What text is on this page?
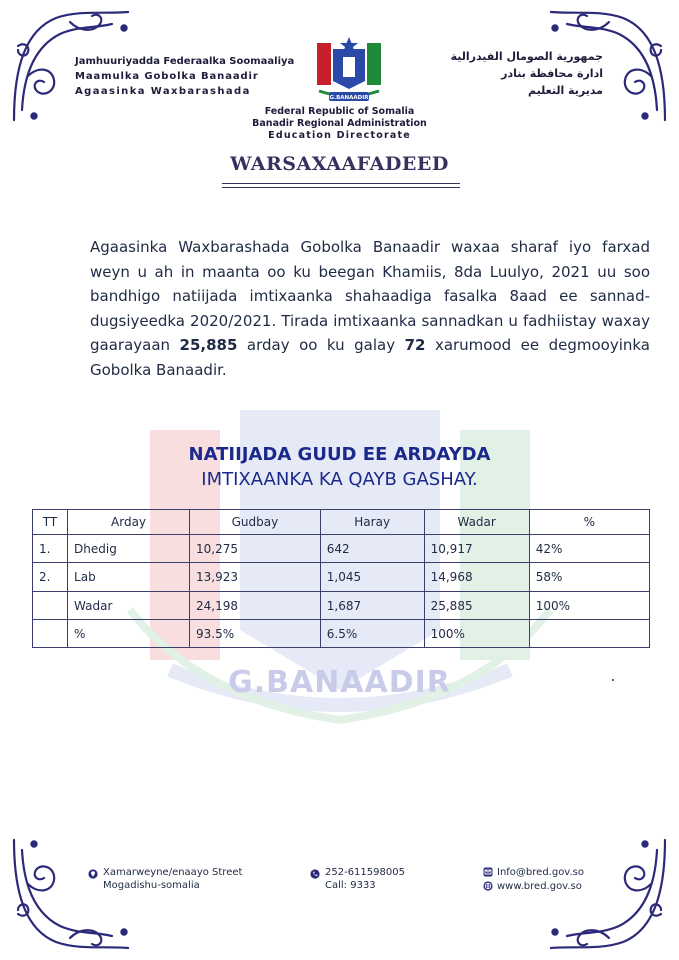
G.BANAADIR
Jamhuuriyadda Federaalka Soomaaliya
Maamulka Gobolka Banaadir
Agaasinka Waxbarashada
G.BANAADIR
جمهورية الصومال الفيدرالية
ادارة محافظة بنادر
مديرية التعليم
Federal Republic of Somalia
Banadir Regional Administration
Education Directorate
WARSAXAAFADEED

Agaasinka Waxbarashada Gobolka Banaadir waxaa sharaf iyo farxad weyn u ah in maanta oo ku beegan Khamiis, 8da Luulyo, 2021 uu soo bandhigo natiijada imtixaanka shahaadiga fasalka 8aad ee sannad-dugsiyeedka 2020/2021. Tirada imtixaanka sannadkan u fadhiistay waxay gaarayaan 25,885 arday oo ku galay 72 xarumood ee degmooyinka Gobolka Banaadir.

NATIIJADA GUUD EE ARDAYDA
IMTIXAANKA KA QAYB GASHAY.
TT	Arday	Gudbay	Haray	Wadar	%
1.	Dhedig	10,275	642	10,917	42%
2.	Lab	13,923	1,045	14,968	58%
	Wadar	24,198	1,687	25,885	100%
	%	93.5%	6.5%	100%	
Xamarweyne/enaayo Street
Mogadishu-somalia
252-611598005
Call: 9333
Info@bred.gov.so
www.bred.gov.so
